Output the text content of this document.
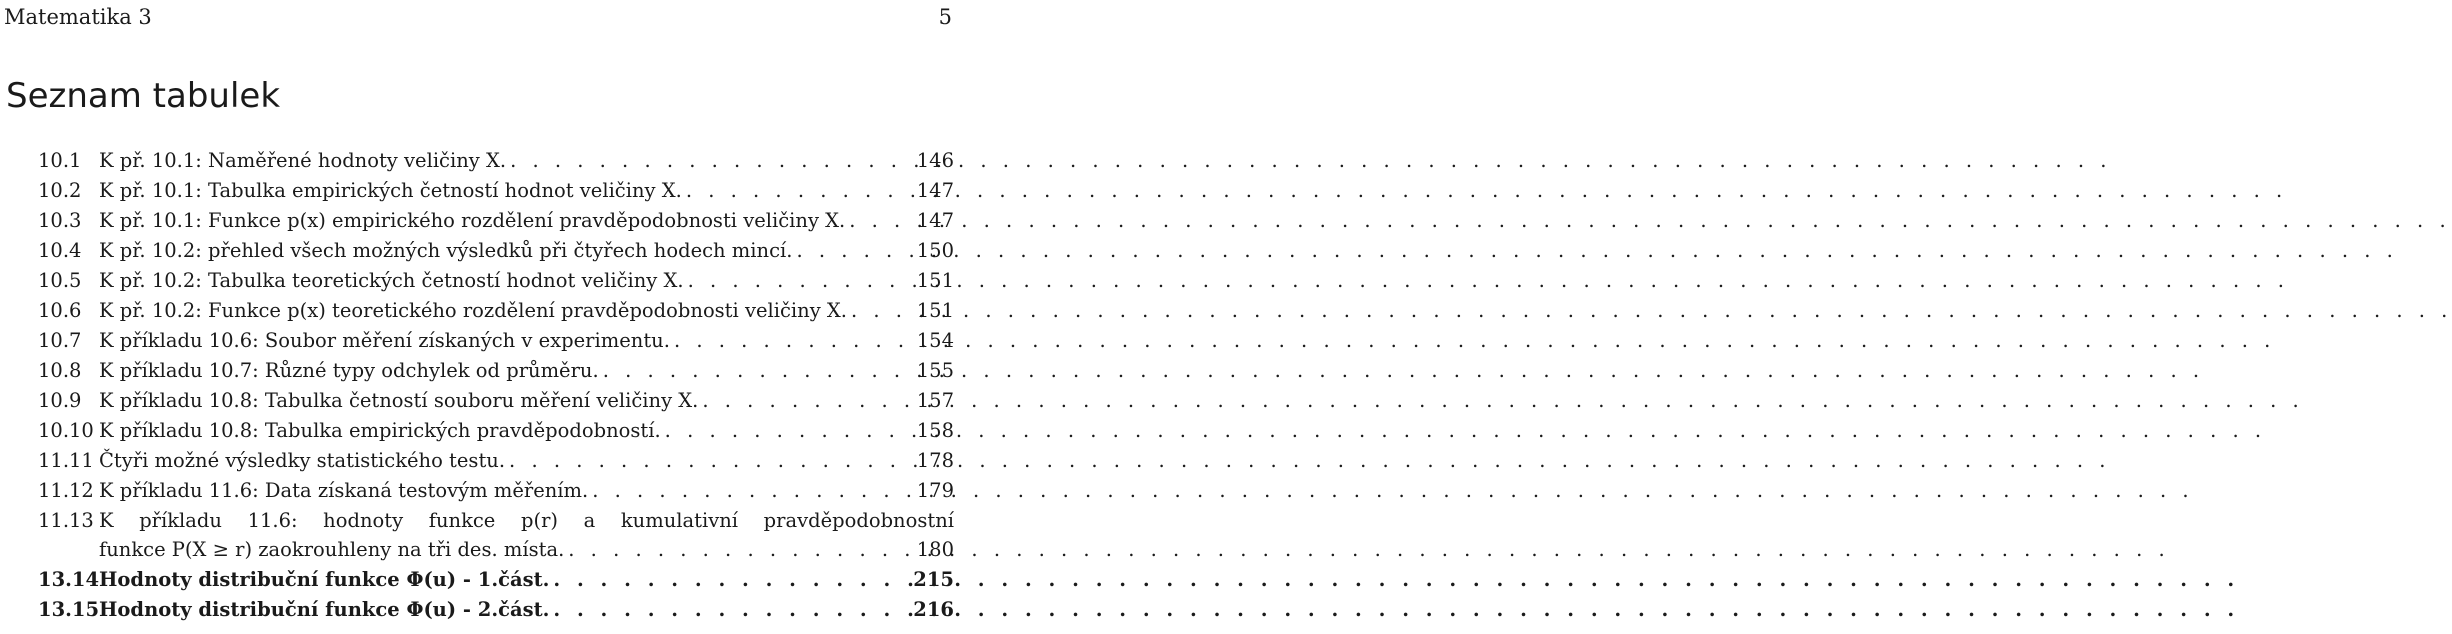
Matematika 3	5
Seznam tabulek
10.1 K př. 10.1: Naměřené hodnoty veličiny X. . . .	146
10.2 K př. 10.1: Tabulka empirických četností hodnot veličiny X. . . .	147
10.3 K př. 10.1: Funkce p(x) empirického rozdělení pravděpodobnosti veličiny X. . . .	147
10.4 K př. 10.2: přehled všech možných výsledků při čtyřech hodech mincí. . . .	150
10.5 K př. 10.2: Tabulka teoretických četností hodnot veličiny X. . . .	151
10.6 K př. 10.2: Funkce p(x) teoretického rozdělení pravděpodobnosti veličiny X. . . .	151
10.7 K příkladu 10.6: Soubor měření získaných v experimentu. . . .	154
10.8 K příkladu 10.7: Různé typy odchylek od průměru. . . .	155
10.9 K příkladu 10.8: Tabulka četností souboru měření veličiny X. . . .	157
10.10 K příkladu 10.8: Tabulka empirických pravděpodobností. . . .	158
11.11 Čtyři možné výsledky statistického testu. . . .	178
11.12 K příkladu 11.6: Data získaná testovým měřením. . . .	179
11.13 K příkladu 11.6: hodnoty funkce p(r) a kumulativní pravděpodobnostní
funkce P(X ≥ r) zaokrouhleny na tři des. místa. . . .	180
13.14 Hodnoty distribuční funkce Φ(u) - 1.část. . . .	215
13.15 Hodnoty distribuční funkce Φ(u) - 2.část. . . .	216
